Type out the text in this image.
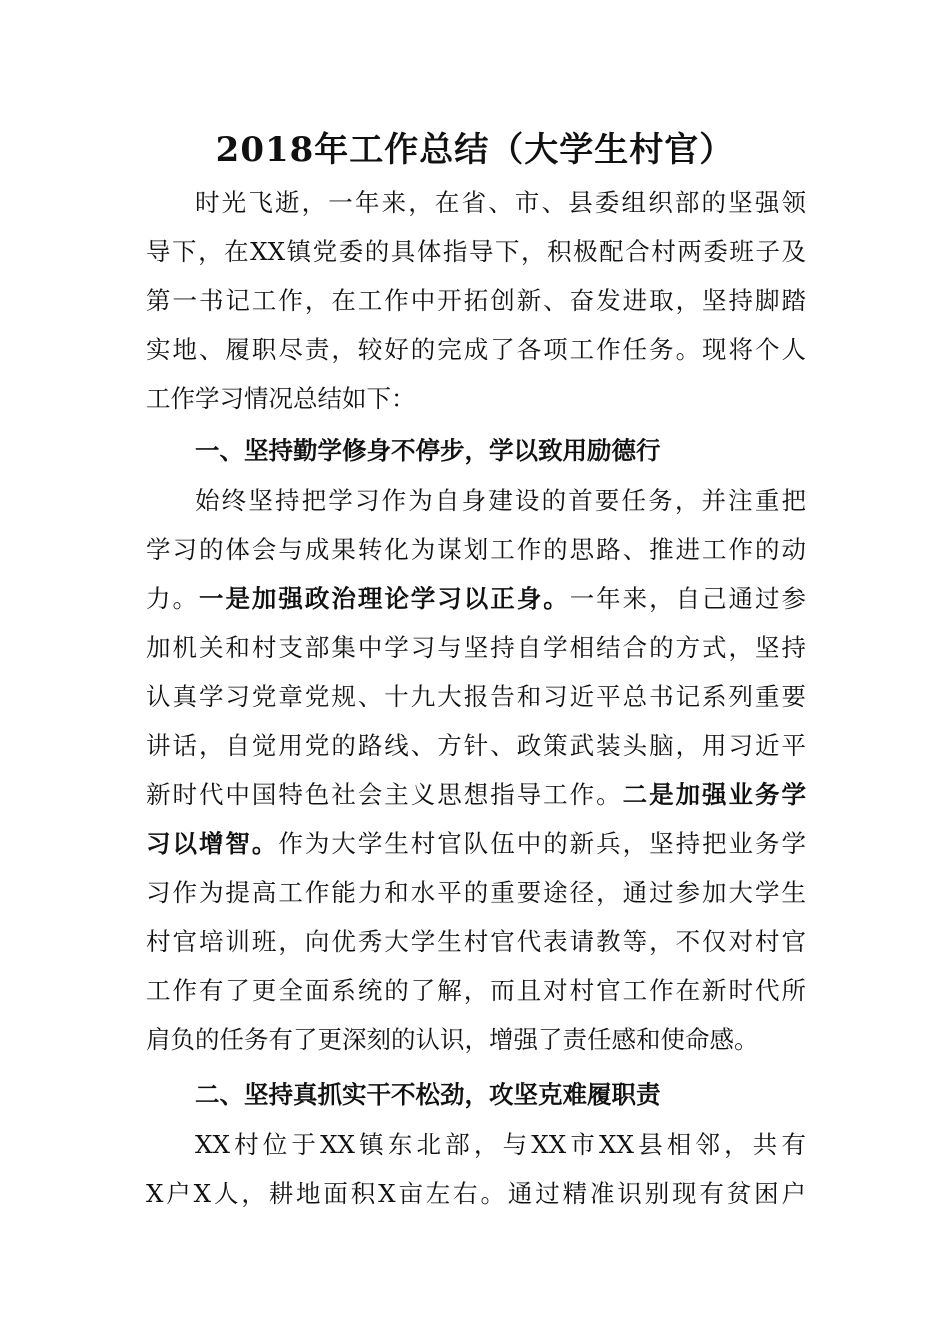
2018年工作总结（大学生村官）
时光飞逝，一年来，在省、市、县委组织部的坚强领
导下，在XX镇党委的具体指导下，积极配合村两委班子及
第一书记工作，在工作中开拓创新、奋发进取，坚持脚踏
实地、履职尽责，较好的完成了各项工作任务。现将个人
工作学习情况总结如下：
一、坚持勤学修身不停步，学以致用励德行
始终坚持把学习作为自身建设的首要任务，并注重把
学习的体会与成果转化为谋划工作的思路、推进工作的动
力。一是加强政治理论学习以正身。一年来，自己通过参
加机关和村支部集中学习与坚持自学相结合的方式，坚持
认真学习党章党规、十九大报告和习近平总书记系列重要
讲话，自觉用党的路线、方针、政策武装头脑，用习近平
新时代中国特色社会主义思想指导工作。二是加强业务学
习以增智。作为大学生村官队伍中的新兵，坚持把业务学
习作为提高工作能力和水平的重要途径，通过参加大学生
村官培训班，向优秀大学生村官代表请教等，不仅对村官
工作有了更全面系统的了解，而且对村官工作在新时代所
肩负的任务有了更深刻的认识，增强了责任感和使命感。
二、坚持真抓实干不松劲，攻坚克难履职责
XX村位于XX镇东北部，与XX市XX县相邻，共有
X户X人，耕地面积X亩左右。通过精准识别现有贫困户
